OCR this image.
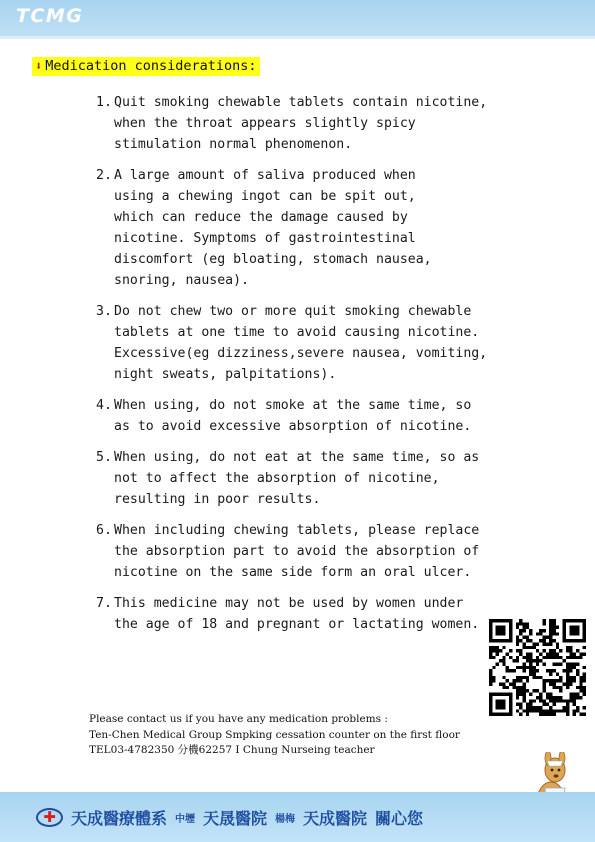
TCMG
⬇ Medication considerations:
1. Quit smoking chewable tablets contain nicotine,
when the throat appears slightly spicy
stimulation normal phenomenon.
2. A large amount of saliva produced when
using a chewing ingot can be spit out,
which can reduce the damage caused by
nicotine. Symptoms of gastrointestinal
discomfort (eg bloating, stomach nausea,
snoring, nausea).
3. Do not chew two or more quit smoking chewable
tablets at one time to avoid causing nicotine.
Excessive(eg dizziness,severe nausea, vomiting,
night sweats, palpitations).
4. When using, do not smoke at the same time, so
as to avoid excessive absorption of nicotine.
5. When using, do not eat at the same time, so as
not to affect the absorption of nicotine,
resulting in poor results.
6. When including chewing tablets, please replace
the absorption part to avoid the absorption of
nicotine on the same side form an oral ulcer.
7. This medicine may not be used by women under
the age of 18 and pregnant or lactating women.
Please contact us if you have any medication problems :
Ten-Chen Medical Group Smpking cessation counter on the first floor
TEL03-4782350 分機62257 I Chung Nurseing teacher
✚ 天成醫療體系 中壢 天晟醫院 楊梅 天成醫院 關心您
